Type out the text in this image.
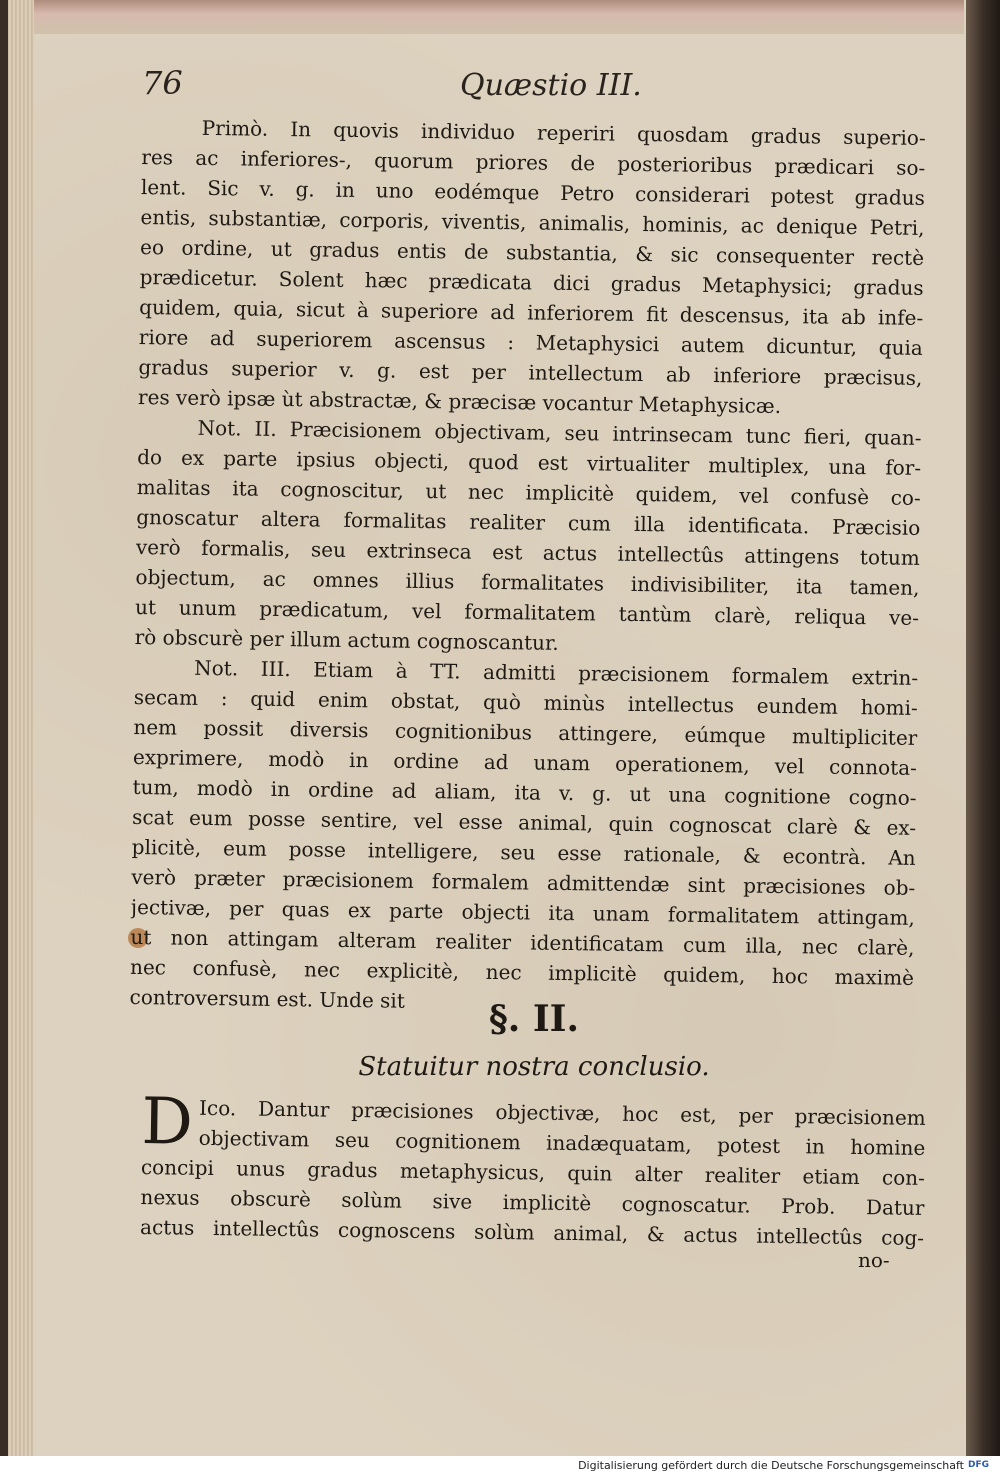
76	Quæstio III.
Primò. In quovis individuo reperiri quosdam gradus superio-
res ac inferiores-, quorum priores de posterioribus prædicari so-
lent. Sic v. g. in uno eodémque Petro considerari potest gradus
entis, substantiæ, corporis, viventis, animalis, hominis, ac denique Petri,
eo ordine, ut gradus entis de substantia, & sic consequenter rectè
prædicetur. Solent hæc prædicata dici gradus Metaphysici; gradus
quidem, quia, sicut à superiore ad inferiorem fit descensus, ita ab infe-
riore ad superiorem ascensus : Metaphysici autem dicuntur, quia
gradus superior v. g. est per intellectum ab inferiore præcisus,
res verò ipsæ ùt abstractæ, & præcisæ vocantur Metaphysicæ.
Not. II. Præcisionem objectivam, seu intrinsecam tunc fieri, quan-
do ex parte ipsius objecti, quod est virtualiter multiplex, una for-
malitas ita cognoscitur, ut nec implicitè quidem, vel confusè co-
gnoscatur altera formalitas realiter cum illa identificata. Præcisio
verò formalis, seu extrinseca est actus intellectûs attingens totum
objectum, ac omnes illius formalitates indivisibiliter, ita tamen,
ut unum prædicatum, vel formalitatem tantùm clarè, reliqua ve-
rò obscurè per illum actum cognoscantur.
Not. III. Etiam à TT. admitti præcisionem formalem extrin-
secam : quid enim obstat, quò minùs intellectus eundem homi-
nem possit diversis cognitionibus attingere, eúmque multipliciter
exprimere, modò in ordine ad unam operationem, vel connota-
tum, modò in ordine ad aliam, ita v. g. ut una cognitione cogno-
scat eum posse sentire, vel esse animal, quin cognoscat clarè & ex-
plicitè, eum posse intelligere, seu esse rationale, & econtrà. An
verò præter præcisionem formalem admittendæ sint præcisiones ob-
jectivæ, per quas ex parte objecti ita unam formalitatem attingam,
ut non attingam alteram realiter identificatam cum illa, nec clarè,
nec confusè, nec explicitè, nec implicitè quidem, hoc maximè
controversum est. Unde sit	§. II.
Statuitur nostra conclusio.
D Ico. Dantur præcisiones objectivæ, hoc est, per præcisionem
objectivam seu cognitionem inadæquatam, potest in homine
concipi unus gradus metaphysicus, quin alter realiter etiam con-
nexus obscurè solùm sive implicitè cognoscatur. Prob. Datur
actus intellectûs cognoscens solùm animal, & actus intellectûs cog-
no-
Digitalisierung gefördert durch die Deutsche Forschungsgemeinschaft DFG
